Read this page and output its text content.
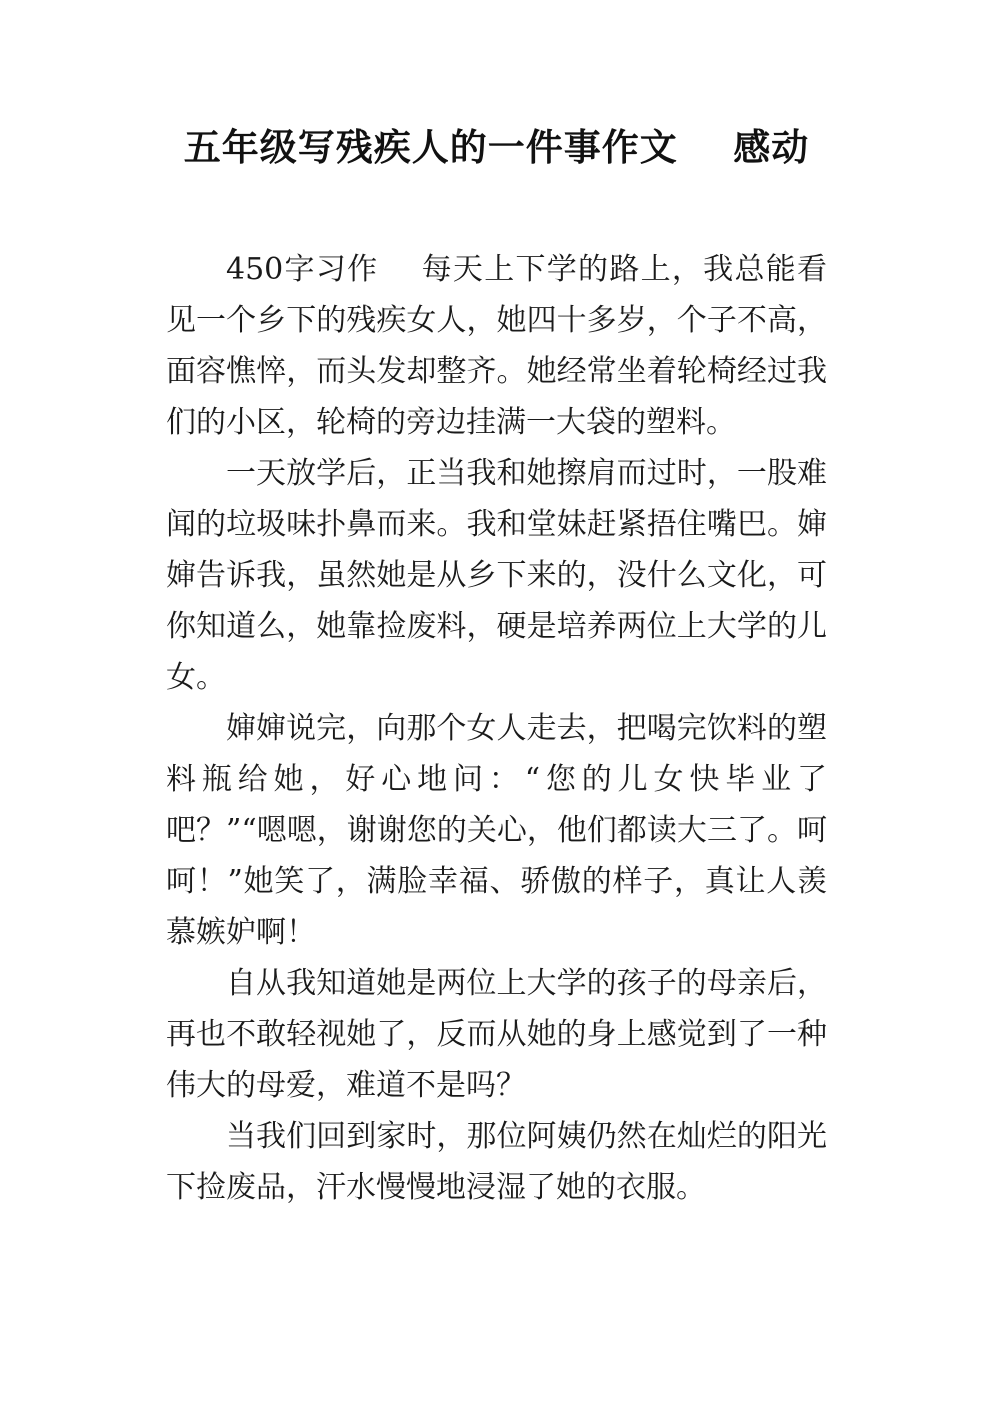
五年级写残疾人的一件事作文    感动

450字习作    每天上下学的路上，我总能看见一个乡下的残疾女人，她四十多岁，个子不高，面容憔悴，而头发却整齐。她经常坐着轮椅经过我们的小区，轮椅的旁边挂满一大袋的塑料。

一天放学后，正当我和她擦肩而过时，一股难闻的垃圾味扑鼻而来。我和堂妹赶紧捂住嘴巴。婶婶告诉我，虽然她是从乡下来的，没什么文化，可你知道么，她靠捡废料，硬是培养两位上大学的儿女。

婶婶说完，向那个女人走去，把喝完饮料的塑料瓶给她，好心地问：“您的儿女快毕业了吧？”“嗯嗯，谢谢您的关心，他们都读大三了。呵呵！”她笑了，满脸幸福、骄傲的样子，真让人羡慕嫉妒啊！

自从我知道她是两位上大学的孩子的母亲后，再也不敢轻视她了，反而从她的身上感觉到了一种伟大的母爱，难道不是吗？

当我们回到家时，那位阿姨仍然在灿烂的阳光下捡废品，汗水慢慢地浸湿了她的衣服。
